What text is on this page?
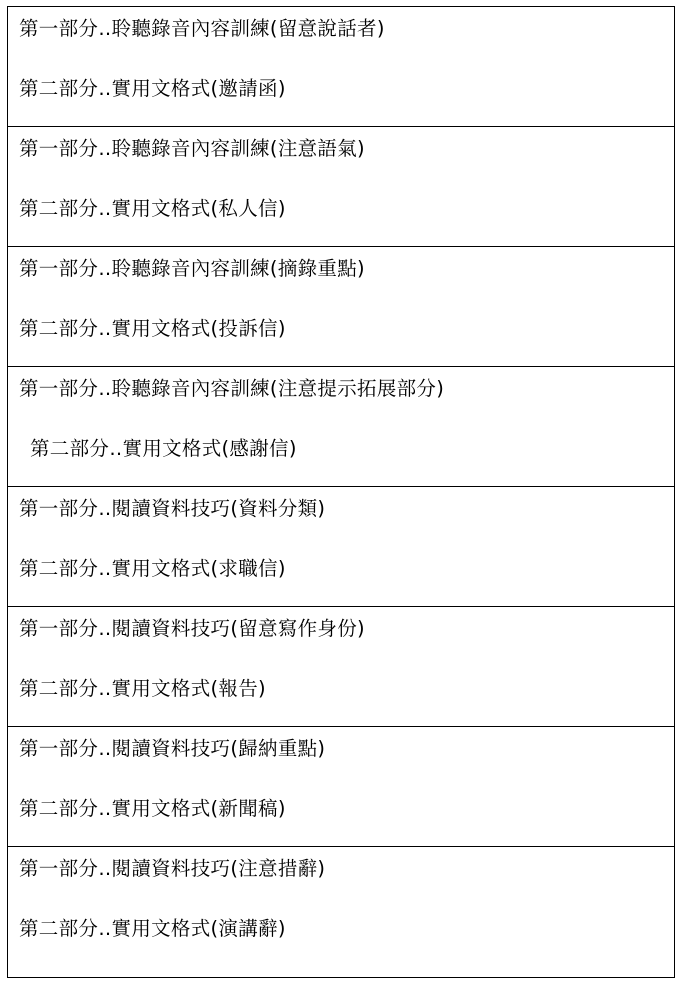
第一部分‥聆聽錄音內容訓練(留意說話者)
第二部分‥實用文格式(邀請函)
第一部分‥聆聽錄音內容訓練(注意語氣)
第二部分‥實用文格式(私人信)
第一部分‥聆聽錄音內容訓練(摘錄重點)
第二部分‥實用文格式(投訴信)
第一部分‥聆聽錄音內容訓練(注意提示拓展部分)
第二部分‥實用文格式(感謝信)
第一部分‥閱讀資料技巧(資料分類)
第二部分‥實用文格式(求職信)
第一部分‥閱讀資料技巧(留意寫作身份)
第二部分‥實用文格式(報告)
第一部分‥閱讀資料技巧(歸納重點)
第二部分‥實用文格式(新聞稿)
第一部分‥閱讀資料技巧(注意措辭)
第二部分‥實用文格式(演講辭)
